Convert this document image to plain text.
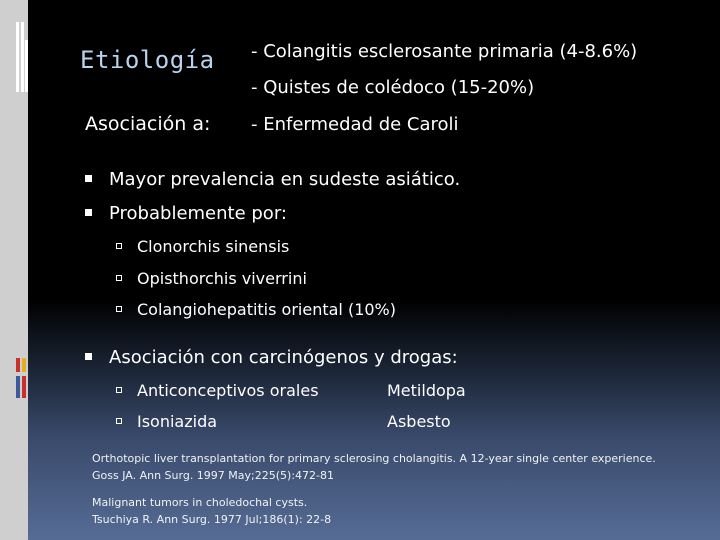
Etiología - Colangitis esclerosante primaria (4-8.6%)
- Quistes de colédoco (15-20%)
Asociación a: - Enfermedad de Caroli
Mayor prevalencia en sudeste asiático.
Probablemente por:
Clonorchis sinensis
Opisthorchis viverrini
Colangiohepatitis oriental (10%)
Asociación con carcinógenos y drogas:
Anticonceptivos orales	Metildopa
Isoniazida	Asbesto
Orthotopic liver transplantation for primary sclerosing cholangitis. A 12-year single center experience.
Goss JA. Ann Surg. 1997 May;225(5):472-81
Malignant tumors in choledochal cysts.
Tsuchiya R. Ann Surg. 1977 Jul;186(1): 22-8
